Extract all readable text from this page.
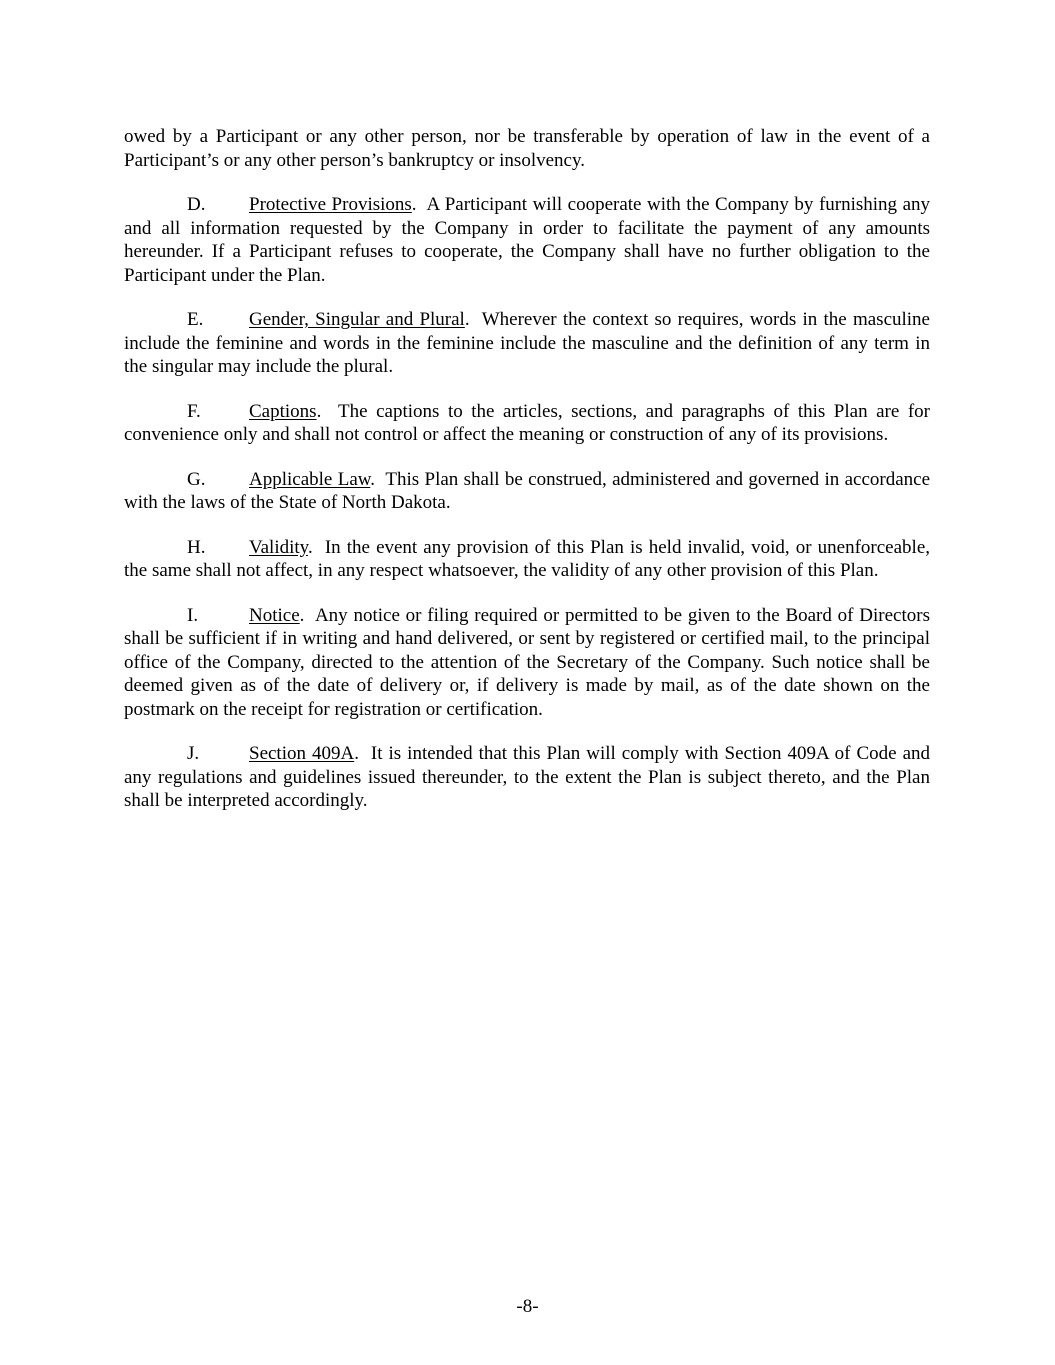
owed by a Participant or any other person, nor be transferable by operation of law in the event of a Participant’s or any other person’s bankruptcy or insolvency.

D. Protective Provisions.  A Participant will cooperate with the Company by furnishing any and all information requested by the Company in order to facilitate the payment of any amounts hereunder. If a Participant refuses to cooperate, the Company shall have no further obligation to the Participant under the Plan.

E. Gender, Singular and Plural.  Wherever the context so requires, words in the masculine include the feminine and words in the feminine include the masculine and the definition of any term in the singular may include the plural.

F.	Captions.  The captions to the articles, sections, and paragraphs of this Plan are for convenience only and shall not control or affect the meaning or construction of any of its provisions.

G. Applicable Law.  This Plan shall be construed, administered and governed in accordance with the laws of the State of North Dakota.

H. Validity.  In the event any provision of this Plan is held invalid, void, or unenforceable, the same shall not affect, in any respect whatsoever, the validity of any other provision of this Plan.

I.	Notice.  Any notice or filing required or permitted to be given to the Board of Directors shall be sufficient if in writing and hand delivered, or sent by registered or certified mail, to the principal office of the Company, directed to the attention of the Secretary of the Company. Such notice shall be deemed given as of the date of delivery or, if delivery is made by mail, as of the date shown on the postmark on the receipt for registration or certification.

J.	Section 409A.  It is intended that this Plan will comply with Section 409A of Code and any regulations and guidelines issued thereunder, to the extent the Plan is subject thereto, and the Plan shall be interpreted accordingly.

-8-
